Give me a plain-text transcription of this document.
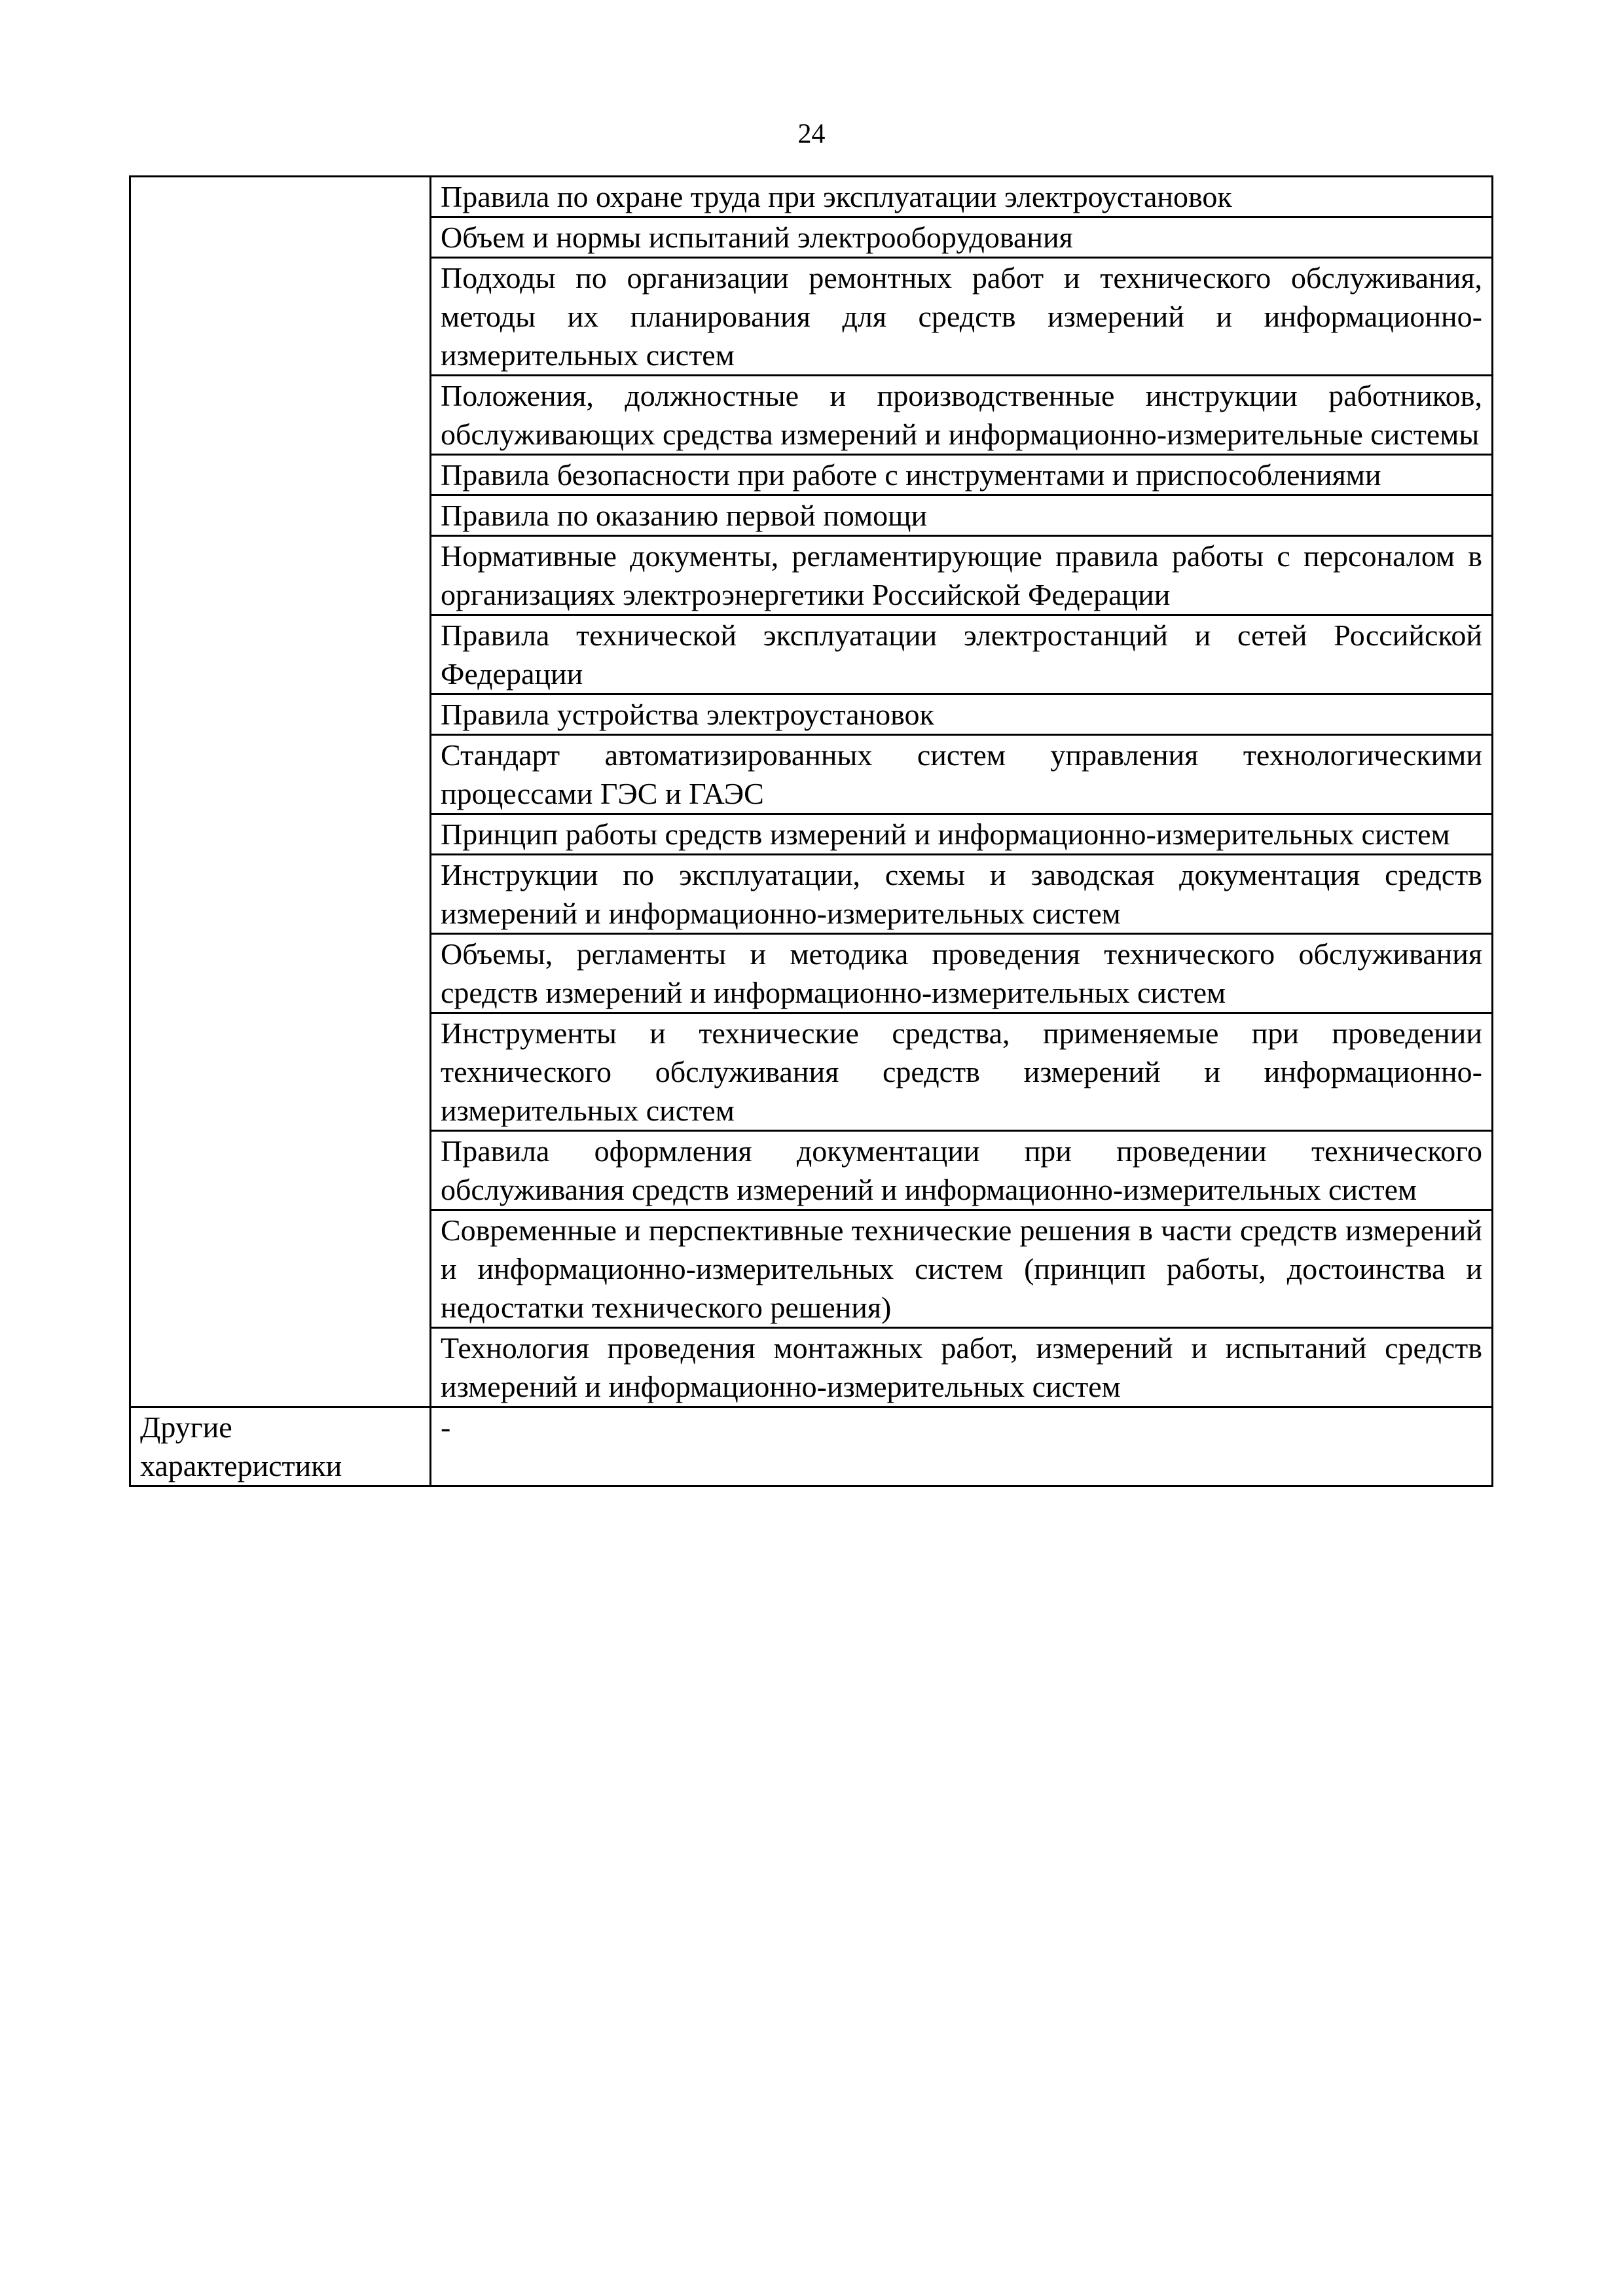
24
	Правила по охране труда при эксплуатации электроустановок
	Объем и нормы испытаний электрооборудования
	Подходы по организации ремонтных работ и технического обслуживания, методы их планирования для средств измерений и информационно-измерительных систем
	Положения, должностные и производственные инструкции работников, обслуживающих средства измерений и информационно-измерительные системы
	Правила безопасности при работе с инструментами и приспособлениями
	Правила по оказанию первой помощи
	Нормативные документы, регламентирующие правила работы с персоналом в организациях электроэнергетики Российской Федерации
	Правила технической эксплуатации электростанций и сетей Российской Федерации
	Правила устройства электроустановок
	Стандарт автоматизированных систем управления технологическими процессами ГЭС и ГАЭС
	Принцип работы средств измерений и информационно-измерительных систем
	Инструкции по эксплуатации, схемы и заводская документация средств измерений и информационно-измерительных систем
	Объемы, регламенты и методика проведения технического обслуживания средств измерений и информационно-измерительных систем
	Инструменты и технические средства, применяемые при проведении технического обслуживания средств измерений и информационно-измерительных систем
	Правила оформления документации при проведении технического обслуживания средств измерений и информационно-измерительных систем
	Современные и перспективные технические решения в части средств измерений и информационно-измерительных систем (принцип работы, достоинства и недостатки технического решения)
	Технология проведения монтажных работ, измерений и испытаний средств измерений и информационно-измерительных систем
Другие характеристики	-
